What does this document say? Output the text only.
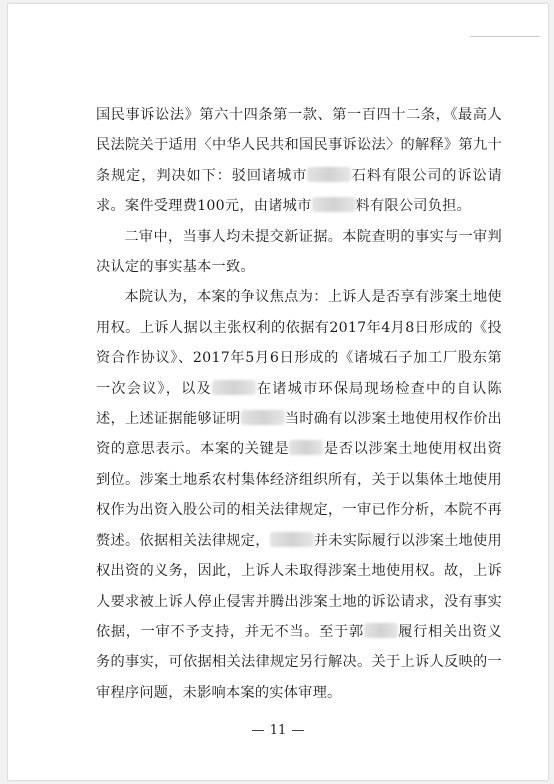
国民事诉讼法》第六十四条第一款、第一百四十二条，《最高人民法院关于适用〈中华人民共和国民事诉讼法〉的解释》第九十条规定，判决如下：驳回诸城市	石料有限公司的诉讼请求。案件受理费100元，由诸城市	料有限公司负担。

二审中，当事人均未提交新证据。本院查明的事实与一审判决认定的事实基本一致。

本院认为，本案的争议焦点为：上诉人是否享有涉案土地使用权。上诉人据以主张权利的依据有2017年4月8日形成的《投资合作协议》、2017年5月6日形成的《诸城石子加工厂股东第一次会议》，以及	在诸城市环保局现场检查中的自认陈述，上述证据能够证明	当时确有以涉案土地使用权作价出资的意思表示。本案的关键是 是否以涉案土地使用权出资到位。涉案土地系农村集体经济组织所有，关于以集体土地使用权作为出资入股公司的相关法律规定，一审已作分析，本院不再赘述。依据相关法律规定，	并未实际履行以涉案土地使用权出资的义务，因此，上诉人未取得涉案土地使用权。故，上诉人要求被上诉人停止侵害并腾出涉案土地的诉讼请求，没有事实依据，一审不予支持，并无不当。至于郭 履行相关出资义务的事实，可依据相关法律规定另行解决。关于上诉人反映的一审程序问题，未影响本案的实体审理。

11
